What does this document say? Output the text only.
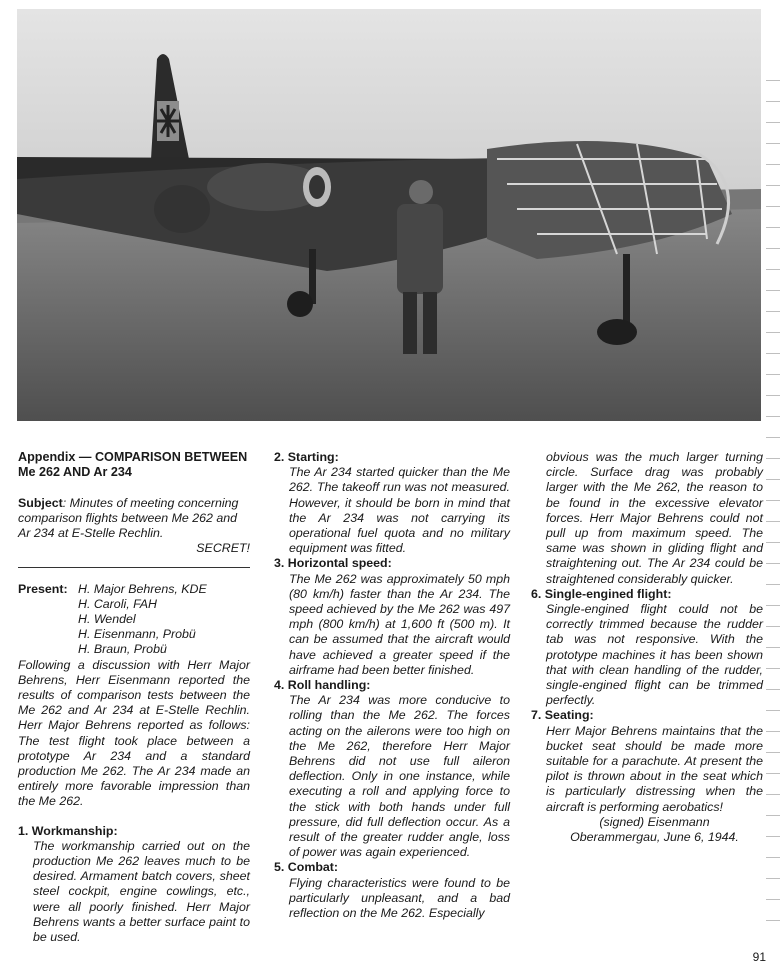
Appendix — COMPARISON BETWEEN Me 262 AND Ar 234
Subject: Minutes of meeting concerning comparison flights between Me 262 and Ar 234 at E-Stelle Rechlin.
SECRET!
Present: H. Major Behrens, KDE
H. Caroli, FAH
H. Wendel
H. Eisenmann, Probü
H. Braun, Probü
Following a discussion with Herr Major Behrens, Herr Eisenmann reported the results of comparison tests between the Me 262 and Ar 234 at E-Stelle Rechlin. Herr Major Behrens reported as follows: The test flight took place between a prototype Ar 234 and a standard production Me 262. The Ar 234 made an entirely more favorable impression than the Me 262.
1. Workmanship:
The workmanship carried out on the production Me 262 leaves much to be desired. Armament batch covers, sheet steel cockpit, engine cowlings, etc., were all poorly finished. Herr Major Behrens wants a better surface paint to be used.
2. Starting:
The Ar 234 started quicker than the Me 262. The takeoff run was not measured. However, it should be born in mind that the Ar 234 was not carrying its operational fuel quota and no military equipment was fitted.
3. Horizontal speed:
The Me 262 was approximately 50 mph (80 km/h) faster than the Ar 234. The speed achieved by the Me 262 was 497 mph (800 km/h) at 1,600 ft (500 m). It can be assumed that the aircraft would have achieved a greater speed if the airframe had been better finished.
4. Roll handling:
The Ar 234 was more conducive to rolling than the Me 262. The forces acting on the ailerons were too high on the Me 262, therefore Herr Major Behrens did not use full aileron deflection. Only in one instance, while executing a roll and applying force to the stick with both hands under full pressure, did full deflection occur. As a result of the greater rudder angle, loss of power was again experienced.
5. Combat:
Flying characteristics were found to be particularly unpleasant, and a bad reflection on the Me 262. Especially
obvious was the much larger turning circle. Surface drag was probably larger with the Me 262, the reason to be found in the excessive elevator forces. Herr Major Behrens could not pull up from maximum speed. The same was shown in gliding flight and straightening out. The Ar 234 could be straightened considerably quicker.
6. Single-engined flight:
Single-engined flight could not be correctly trimmed because the rudder tab was not responsive. With the prototype machines it has been shown that with clean handling of the rudder, single-engined flight can be trimmed perfectly.
7. Seating:
Herr Major Behrens maintains that the bucket seat should be made more suitable for a parachute. At present the pilot is thrown about in the seat which is particularly distressing when the aircraft is performing aerobatics!
(signed) Eisenmann
Oberammergau, June 6, 1944.
91
